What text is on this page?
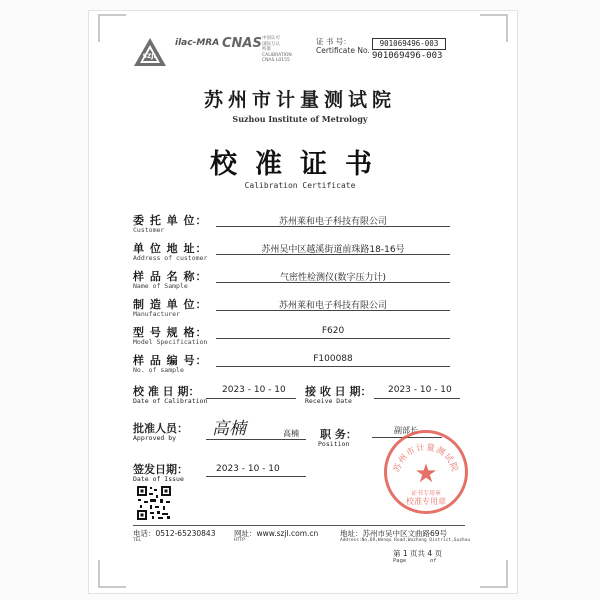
SZJL
ilac-MRA CNAS 中国认可
国际互认
校准
CALIBRATION
CNAS L0155
证 书 号：
Certificate No.
901069496-003
901069496-003
苏州市计量测试院
Suzhou Institute of Metrology
校准证书
Calibration Certificate
委 托 单 位：
Customer
苏州莱和电子科技有限公司
单 位 地 址：
Address of customer
苏州吴中区越溪街道前珠路18-16号
样 品 名 称：
Name of Sample
气密性检测仪(数字压力计)
制 造 单 位：
Manufacturer
苏州莱和电子科技有限公司
型 号 规 格：
Model Specification
F620
样 品 编 号：
No. of sample
F100088
校 准 日 期：
Date of Calibration
2023 - 10 - 10 接 收 日 期：
Receive Date
2023 - 10 - 10
批准人员：
Approved by 高楠	高楠 职 务：
Position
副部长
签发日期：
Date of Issue
2023 - 10 - 10	苏州市计量测试院
★
证书专用章
校准专用章
电话：0512-65230843
TEL
网址：www.szjl.com.cn
HTTP
地址：苏州市吴中区文曲路69号
Address:No.69,Wenqu Road,Wuzhong District,Suzhou
第 1 页共 4 页
Page	of
